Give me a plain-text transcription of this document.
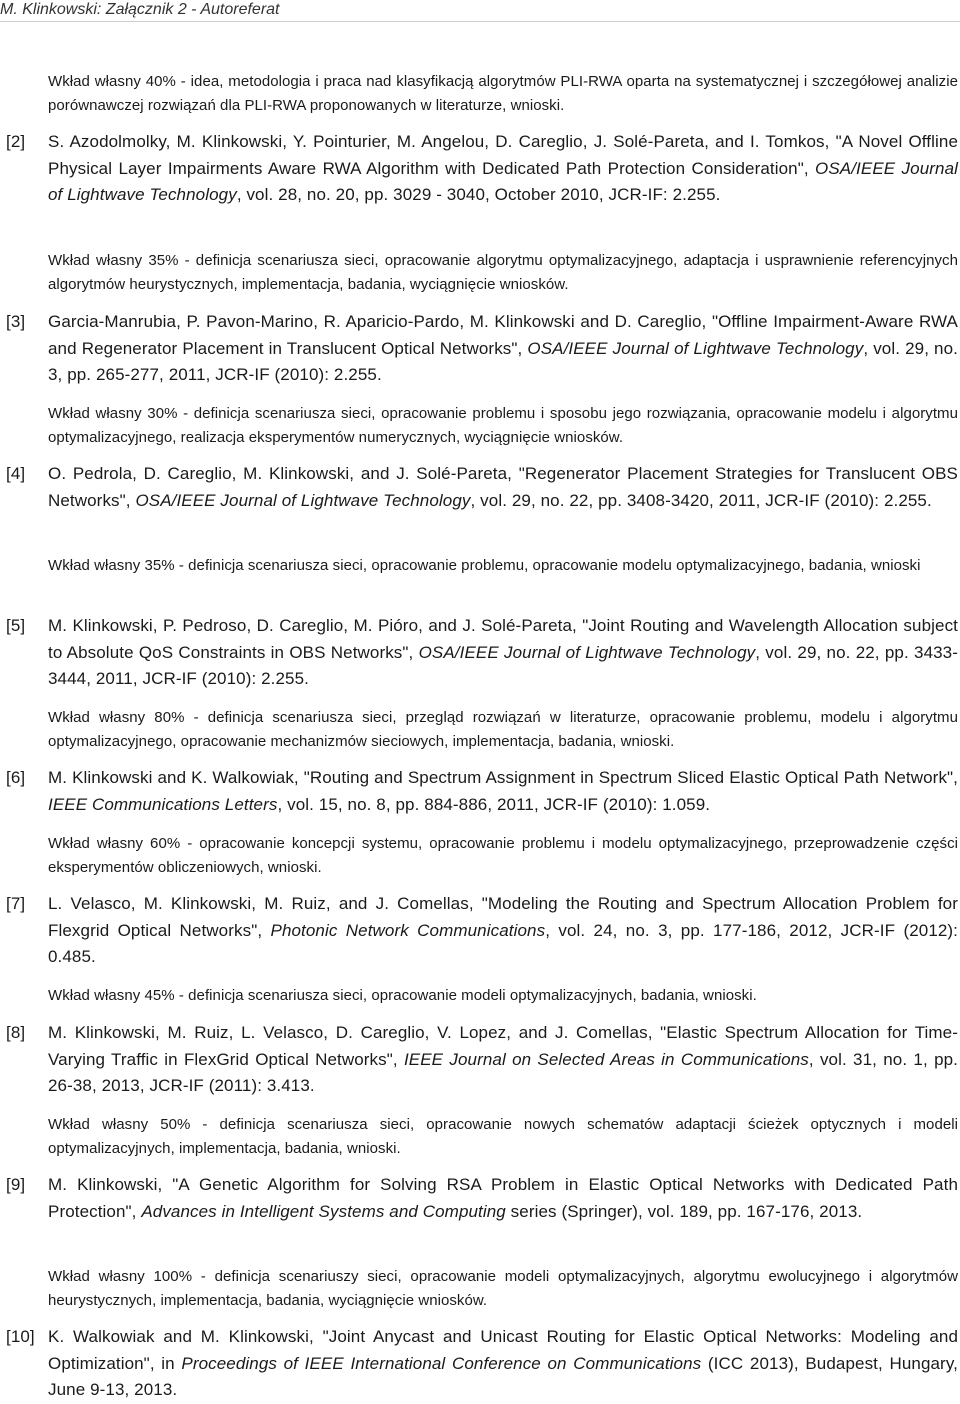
M. Klinkowski: Załącznik 2 - Autoreferat
Wkład własny 40% - idea, metodologia i praca nad klasyfikacją algorytmów PLI-RWA oparta na systematycznej i szczegółowej analizie porównawczej rozwiązań dla PLI-RWA proponowanych w literaturze, wnioski.
[2] S. Azodolmolky, M. Klinkowski, Y. Pointurier, M. Angelou, D. Careglio, J. Solé-Pareta, and I. Tomkos, "A Novel Offline Physical Layer Impairments Aware RWA Algorithm with Dedicated Path Protection Consideration", OSA/IEEE Journal of Lightwave Technology, vol. 28, no. 20, pp. 3029 - 3040, October 2010, JCR-IF: 2.255.
Wkład własny 35% - definicja scenariusza sieci, opracowanie algorytmu optymalizacyjnego, adaptacja i usprawnienie referencyjnych algorytmów heurystycznych, implementacja, badania, wyciągnięcie wniosków.
[3] Garcia-Manrubia, P. Pavon-Marino, R. Aparicio-Pardo, M. Klinkowski and D. Careglio, "Offline Impairment-Aware RWA and Regenerator Placement in Translucent Optical Networks", OSA/IEEE Journal of Lightwave Technology, vol. 29, no. 3, pp. 265-277, 2011, JCR-IF (2010): 2.255.
Wkład własny 30% - definicja scenariusza sieci, opracowanie problemu i sposobu jego rozwiązania, opracowanie modelu i algorytmu optymalizacyjnego, realizacja eksperymentów numerycznych, wyciągnięcie wniosków.
[4] O. Pedrola, D. Careglio, M. Klinkowski, and J. Solé-Pareta, "Regenerator Placement Strategies for Translucent OBS Networks", OSA/IEEE Journal of Lightwave Technology, vol. 29, no. 22, pp. 3408-3420, 2011, JCR-IF (2010): 2.255.
Wkład własny 35% - definicja scenariusza sieci, opracowanie problemu, opracowanie modelu optymalizacyjnego, badania, wnioski
[5] M. Klinkowski, P. Pedroso, D. Careglio, M. Pióro, and J. Solé-Pareta, "Joint Routing and Wavelength Allocation subject to Absolute QoS Constraints in OBS Networks", OSA/IEEE Journal of Lightwave Technology, vol. 29, no. 22, pp. 3433-3444, 2011, JCR-IF (2010): 2.255.
Wkład własny 80% - definicja scenariusza sieci, przegląd rozwiązań w literaturze, opracowanie problemu, modelu i algorytmu optymalizacyjnego, opracowanie mechanizmów sieciowych, implementacja, badania, wnioski.
[6] M. Klinkowski and K. Walkowiak, "Routing and Spectrum Assignment in Spectrum Sliced Elastic Optical Path Network", IEEE Communications Letters, vol. 15, no. 8, pp. 884-886, 2011, JCR-IF (2010): 1.059.
Wkład własny 60% - opracowanie koncepcji systemu, opracowanie problemu i modelu optymalizacyjnego, przeprowadzenie części eksperymentów obliczeniowych, wnioski.
[7] L. Velasco, M. Klinkowski, M. Ruiz, and J. Comellas, "Modeling the Routing and Spectrum Allocation Problem for Flexgrid Optical Networks", Photonic Network Communications, vol. 24, no. 3, pp. 177-186, 2012, JCR-IF (2012): 0.485.
Wkład własny 45% - definicja scenariusza sieci, opracowanie modeli optymalizacyjnych, badania, wnioski.
[8] M. Klinkowski, M. Ruiz, L. Velasco, D. Careglio, V. Lopez, and J. Comellas, "Elastic Spectrum Allocation for Time-Varying Traffic in FlexGrid Optical Networks", IEEE Journal on Selected Areas in Communications, vol. 31, no. 1, pp. 26-38, 2013, JCR-IF (2011): 3.413.
Wkład własny 50% - definicja scenariusza sieci, opracowanie nowych schematów adaptacji ścieżek optycznych i modeli optymalizacyjnych, implementacja, badania, wnioski.
[9] M. Klinkowski, "A Genetic Algorithm for Solving RSA Problem in Elastic Optical Networks with Dedicated Path Protection", Advances in Intelligent Systems and Computing series (Springer), vol. 189, pp. 167-176, 2013.
Wkład własny 100% - definicja scenariuszy sieci, opracowanie modeli optymalizacyjnych, algorytmu ewolucyjnego i algorytmów heurystycznych, implementacja, badania, wyciągnięcie wniosków.
[10] K. Walkowiak and M. Klinkowski, "Joint Anycast and Unicast Routing for Elastic Optical Networks: Modeling and Optimization", in Proceedings of IEEE International Conference on Communications (ICC 2013), Budapest, Hungary, June 9-13, 2013.
